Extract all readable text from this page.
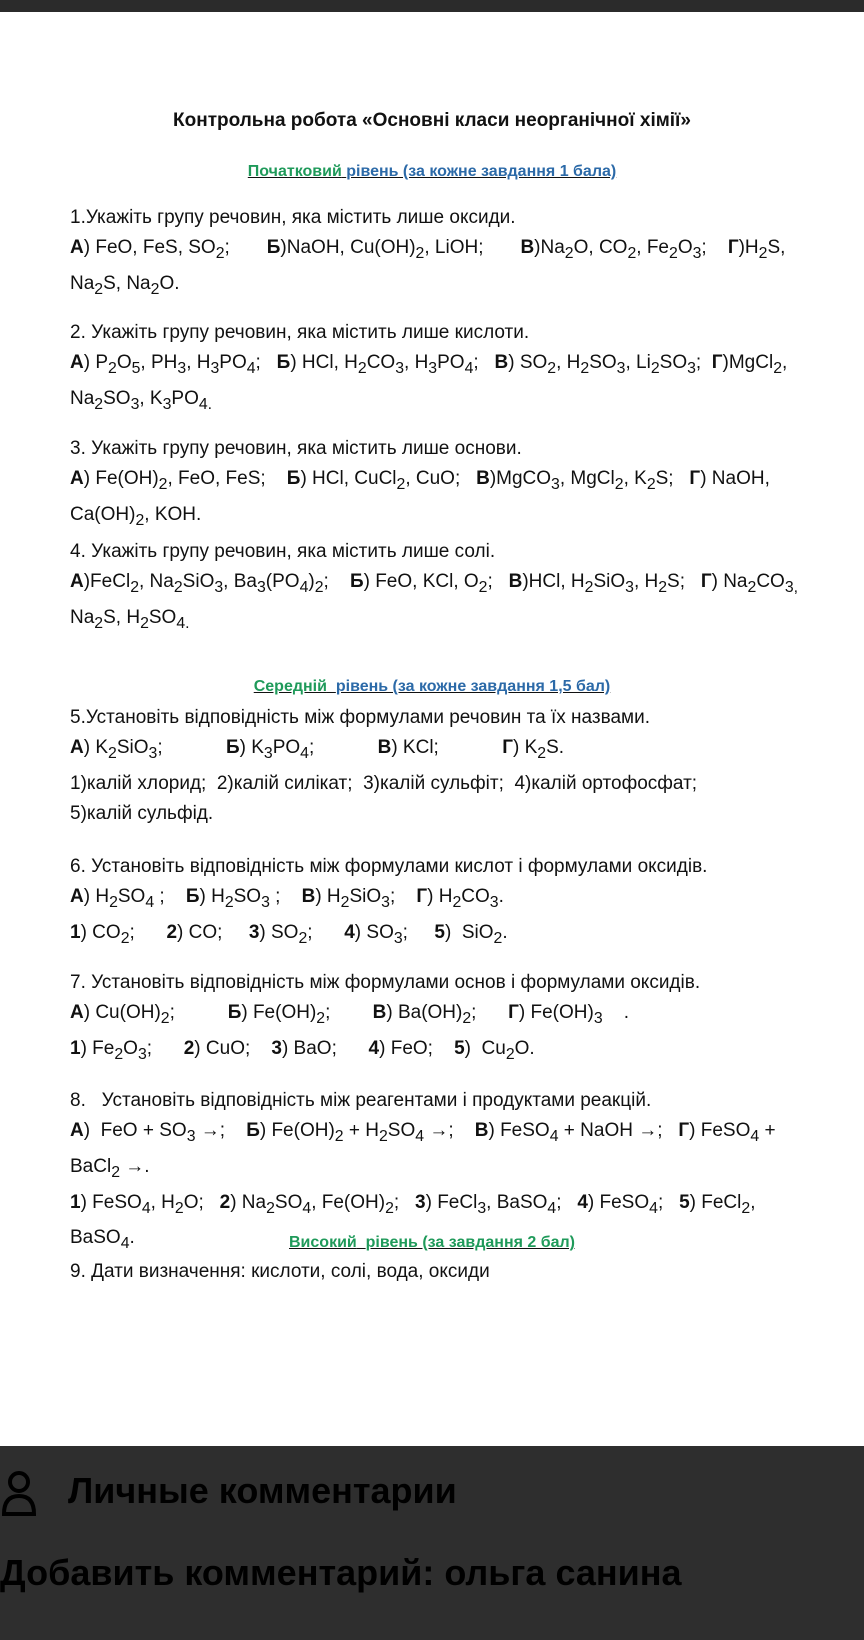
Контрольна робота «Основні класи неорганічної хімії»
Початковий рівень (за кожне завдання 1 бала)

1.Укажіть групу речовин, яка містить лише оксиди.

А) FeO, FeS, $SO_2$;       Б)NaOH, $Cu(OH)_2$, LiOH;       $В)Na_2O$, $CO_2$, $Fe_2O_3$;    $Г)H_2S$,

$Na_2S$, $Na_2O$.

2. Укажіть групу речовин, яка містить лише кислоти.

А) $P_2O_5$, $PH_3$, $H_3PO_4$;   Б) HCl, $H_2CO_3$, $H_3PO_4$;   В) $SO_2$, $H_2SO_3$, $Li_2SO_3$;  Г)MgCl$_2$,

$Na_2SO_3$, $K_3PO_{4.}$

3. Укажіть групу речовин, яка містить лише основи.

А) $Fe(OH)_2$, FeO, FeS;    Б) HCl, CuCl$_2$, CuO;   В)MgCO$_3$, MgCl$_2$, $K_2S$;   Г) NaOH,

$Ca(OH)_2$, KOH.

4. Укажіть групу речовин, яка містить лише солі.

А)FeCl$_2$, $Na_2SiO_3$, $Ba_3(PO_4)_2$;    Б) FeO, KCl, $O_2$;   В)HCl, $H_2SiO_3$, $H_2S$;   Г) $Na_2CO_{3,}$

$Na_2S$, $H_2SO_{4.}$

Середній рівень (за кожне завдання 1,5 бал)

5.Установіть відповідність між формулами речовин та їх назвами.

А) $K_2SiO_3$;            Б) $K_3PO_4$;            В) KCl;            Г) $K_2S$.

1)калій хлорид;  2)калій силікат;  3)калій сульфіт;  4)калій ортофосфат;

5)калій сульфід.

6. Установіть відповідність між формулами кислот і формулами оксидів.

А) $H_2SO_4$ ;    Б) $H_2SO_3$ ;    В) $H_2SiO_3$;    Г) $H_2CO_3$.

1) $CO_2$;      2) CO;     3) $SO_2$;      4) $SO_3$;     5)  SiO$_2$.

7. Установіть відповідність між формулами основ і формулами оксидів.

А) $Cu(OH)_2$;          Б) $Fe(OH)_2$;        В) $Ba(OH)_2$;      Г) $Fe(OH)_3$    .

1) $Fe_2O_3$;      2) CuO;    3) BaO;      4) FeO;    5)  $Cu_2O$.

8.   Установіть відповідність між реагентами і продуктами реакцій.

А)  FeO + $SO_3$ →;    Б) $Fe(OH)_2 + H_2SO_4$ →;    В) FeSO$_4$ + NaOH →;   Г) FeSO$_4$ +

BaCl$_2$ →.

1) FeSO$_4$, $H_2O$;   2) $Na_2SO_4$, $Fe(OH)_2$;   3) FeCl$_3$, BaSO$_4$;   4) FeSO$_4$;   5) FeCl$_2$,

BaSO$_4$.	Високий рівень (за завдання 2 бал)

9. Дати визначення: кислоти, солі, вода, оксиди

Личные комментарии
Добавить комментарий: ольга санина
